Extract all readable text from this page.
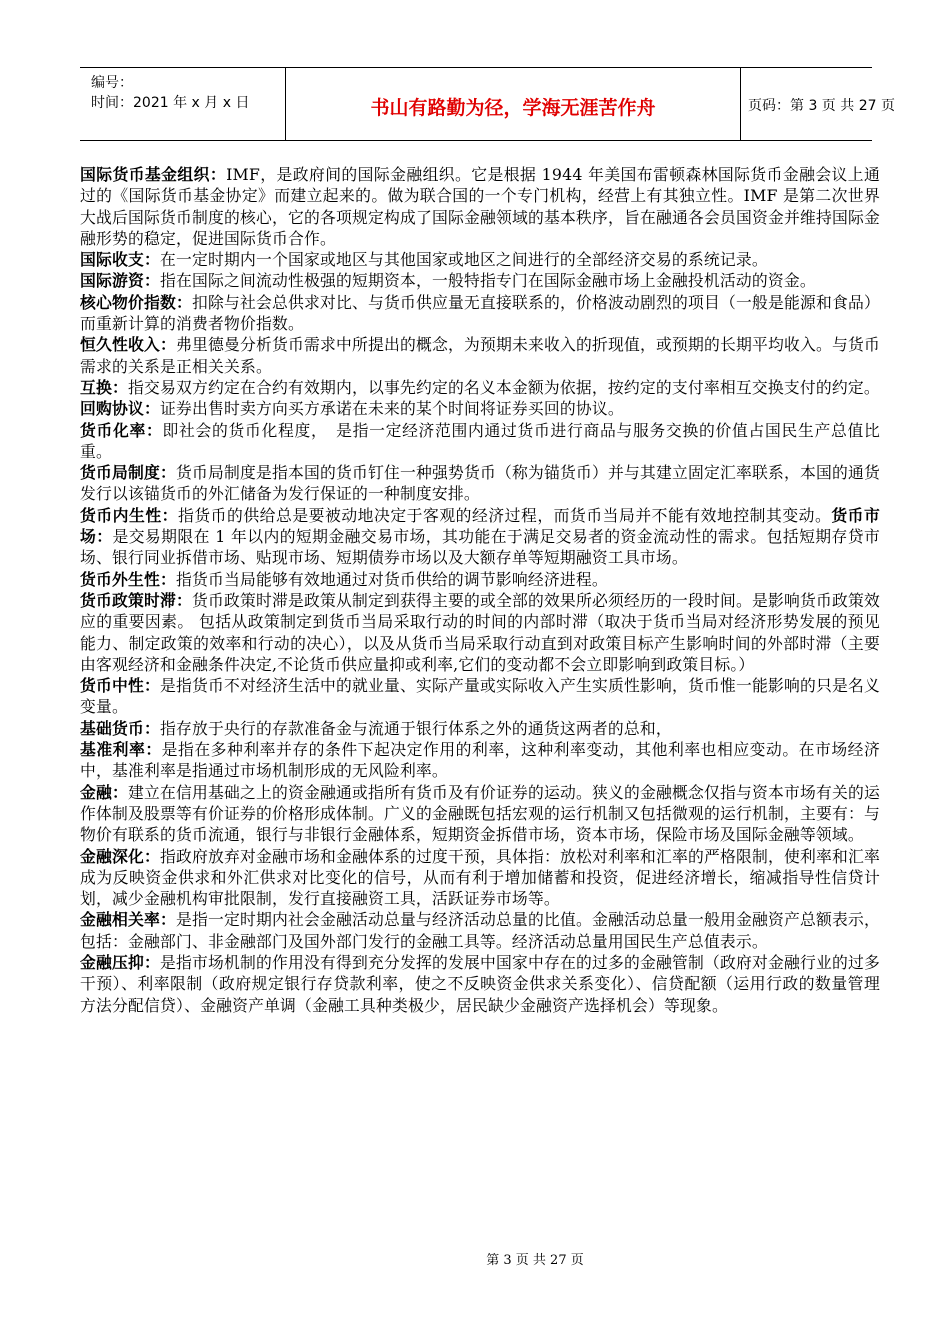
编号：
时间：2021 年 x 月 x 日	书山有路勤为径，学海无涯苦作舟	页码：第 3 页 共 27 页
国际货币基金组织：IMF，是政府间的国际金融组织。它是根据 1944 年美国布雷顿森林国际货币金融会议上通过的《国际货币基金协定》而建立起来的。做为联合国的一个专门机构，经营上有其独立性。IMF 是第二次世界大战后国际货币制度的核心，它的各项规定构成了国际金融领域的基本秩序，旨在融通各会员国资金并维持国际金融形势的稳定，促进国际货币合作。
国际收支：在一定时期内一个国家或地区与其他国家或地区之间进行的全部经济交易的系统记录。
国际游资：指在国际之间流动性极强的短期资本，一般特指专门在国际金融市场上金融投机活动的资金。
核心物价指数：扣除与社会总供求对比、与货币供应量无直接联系的，价格波动剧烈的项目（一般是能源和食品）而重新计算的消费者物价指数。
恒久性收入：弗里德曼分析货币需求中所提出的概念，为预期未来收入的折现值，或预期的长期平均收入。与货币需求的关系是正相关关系。
互换：指交易双方约定在合约有效期内，以事先约定的名义本金额为依据，按约定的支付率相互交换支付的约定。
回购协议：证券出售时卖方向买方承诺在未来的某个时间将证券买回的协议。
货币化率：即社会的货币化程度，　是指一定经济范围内通过货币进行商品与服务交换的价值占国民生产总值比重。
货币局制度：货币局制度是指本国的货币钉住一种强势货币（称为锚货币）并与其建立固定汇率联系，本国的通货发行以该锚货币的外汇储备为发行保证的一种制度安排。
货币内生性：指货币的供给总是要被动地决定于客观的经济过程，而货币当局并不能有效地控制其变动。货币市场：是交易期限在 1 年以内的短期金融交易市场，其功能在于满足交易者的资金流动性的需求。包括短期存贷市场、银行同业拆借市场、贴现市场、短期债券市场以及大额存单等短期融资工具市场。
货币外生性：指货币当局能够有效地通过对货币供给的调节影响经济进程。
货币政策时滞：货币政策时滞是政策从制定到获得主要的或全部的效果所必须经历的一段时间。是影响货币政策效应的重要因素。 包括从政策制定到货币当局采取行动的时间的内部时滞（取决于货币当局对经济形势发展的预见能力、制定政策的效率和行动的决心），以及从货币当局采取行动直到对政策目标产生影响时间的外部时滞（主要由客观经济和金融条件决定,不论货币供应量抑或利率,它们的变动都不会立即影响到政策目标。）
货币中性：是指货币不对经济生活中的就业量、实际产量或实际收入产生实质性影响，货币惟一能影响的只是名义变量。
基础货币：指存放于央行的存款准备金与流通于银行体系之外的通货这两者的总和，
基准利率：是指在多种利率并存的条件下起决定作用的利率，这种利率变动，其他利率也相应变动。在市场经济中，基准利率是指通过市场机制形成的无风险利率。
金融：建立在信用基础之上的资金融通或指所有货币及有价证券的运动。狭义的金融概念仅指与资本市场有关的运作体制及股票等有价证券的价格形成体制。广义的金融既包括宏观的运行机制又包括微观的运行机制，主要有：与物价有联系的货币流通，银行与非银行金融体系，短期资金拆借市场，资本市场，保险市场及国际金融等领域。
金融深化：指政府放弃对金融市场和金融体系的过度干预，具体指：放松对利率和汇率的严格限制，使利率和汇率成为反映资金供求和外汇供求对比变化的信号，从而有利于增加储蓄和投资，促进经济增长，缩减指导性信贷计划，减少金融机构审批限制，发行直接融资工具，活跃证券市场等。
金融相关率：是指一定时期内社会金融活动总量与经济活动总量的比值。金融活动总量一般用金融资产总额表示，包括：金融部门、非金融部门及国外部门发行的金融工具等。经济活动总量用国民生产总值表示。
金融压抑：是指市场机制的作用没有得到充分发挥的发展中国家中存在的过多的金融管制（政府对金融行业的过多干预）、利率限制（政府规定银行存贷款利率，使之不反映资金供求关系变化）、信贷配额（运用行政的数量管理方法分配信贷）、金融资产单调（金融工具种类极少，居民缺少金融资产选择机会）等现象。
第 3 页 共 27 页
